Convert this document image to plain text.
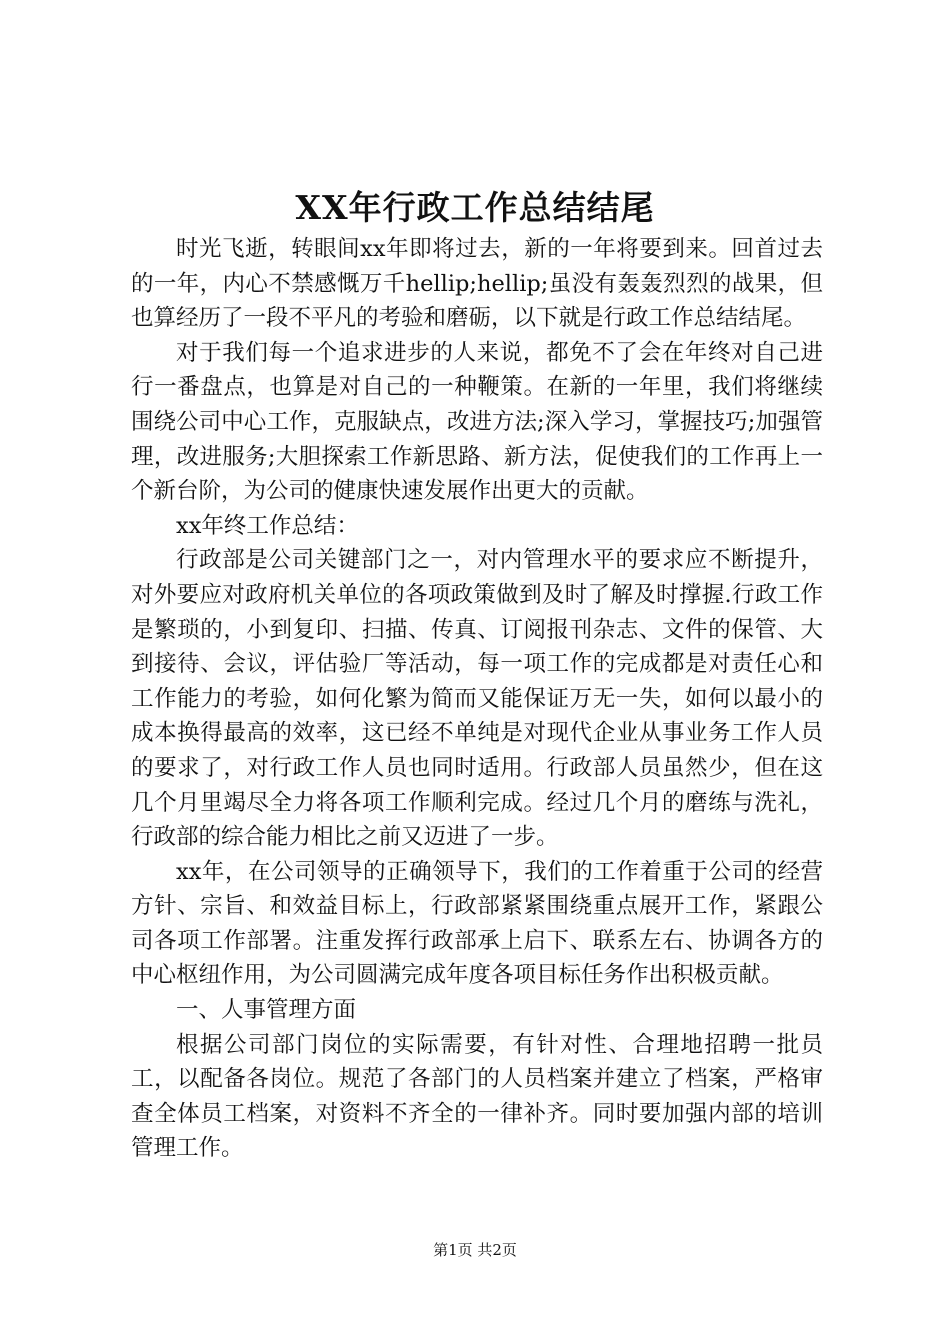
XX年行政工作总结结尾

时光飞逝，转眼间xx年即将过去，新的一年将要到来。回首过去的一年，内心不禁感慨万千hellip;hellip;虽没有轰轰烈烈的战果，但也算经历了一段不平凡的考验和磨砺，以下就是行政工作总结结尾。

对于我们每一个追求进步的人来说，都免不了会在年终对自己进行一番盘点，也算是对自己的一种鞭策。在新的一年里，我们将继续围绕公司中心工作，克服缺点，改进方法;深入学习，掌握技巧;加强管理，改进服务;大胆探索工作新思路、新方法，促使我们的工作再上一个新台阶，为公司的健康快速发展作出更大的贡献。

xx年终工作总结：

行政部是公司关键部门之一，对内管理水平的要求应不断提升，对外要应对政府机关单位的各项政策做到及时了解及时撑握.行政工作是繁琐的，小到复印、扫描、传真、订阅报刊杂志、文件的保管、大到接待、会议，评估验厂等活动，每一项工作的完成都是对责任心和工作能力的考验，如何化繁为简而又能保证万无一失，如何以最小的成本换得最高的效率，这已经不单纯是对现代企业从事业务工作人员的要求了，对行政工作人员也同时适用。行政部人员虽然少，但在这几个月里竭尽全力将各项工作顺利完成。经过几个月的磨练与洗礼，行政部的综合能力相比之前又迈进了一步。

xx年，在公司领导的正确领导下，我们的工作着重于公司的经营方针、宗旨、和效益目标上，行政部紧紧围绕重点展开工作，紧跟公司各项工作部署。注重发挥行政部承上启下、联系左右、协调各方的中心枢纽作用，为公司圆满完成年度各项目标任务作出积极贡献。

一、人事管理方面

根据公司部门岗位的实际需要，有针对性、合理地招聘一批员工，以配备各岗位。规范了各部门的人员档案并建立了档案，严格审查全体员工档案，对资料不齐全的一律补齐。同时要加强内部的培训管理工作。

第1页 共2页
